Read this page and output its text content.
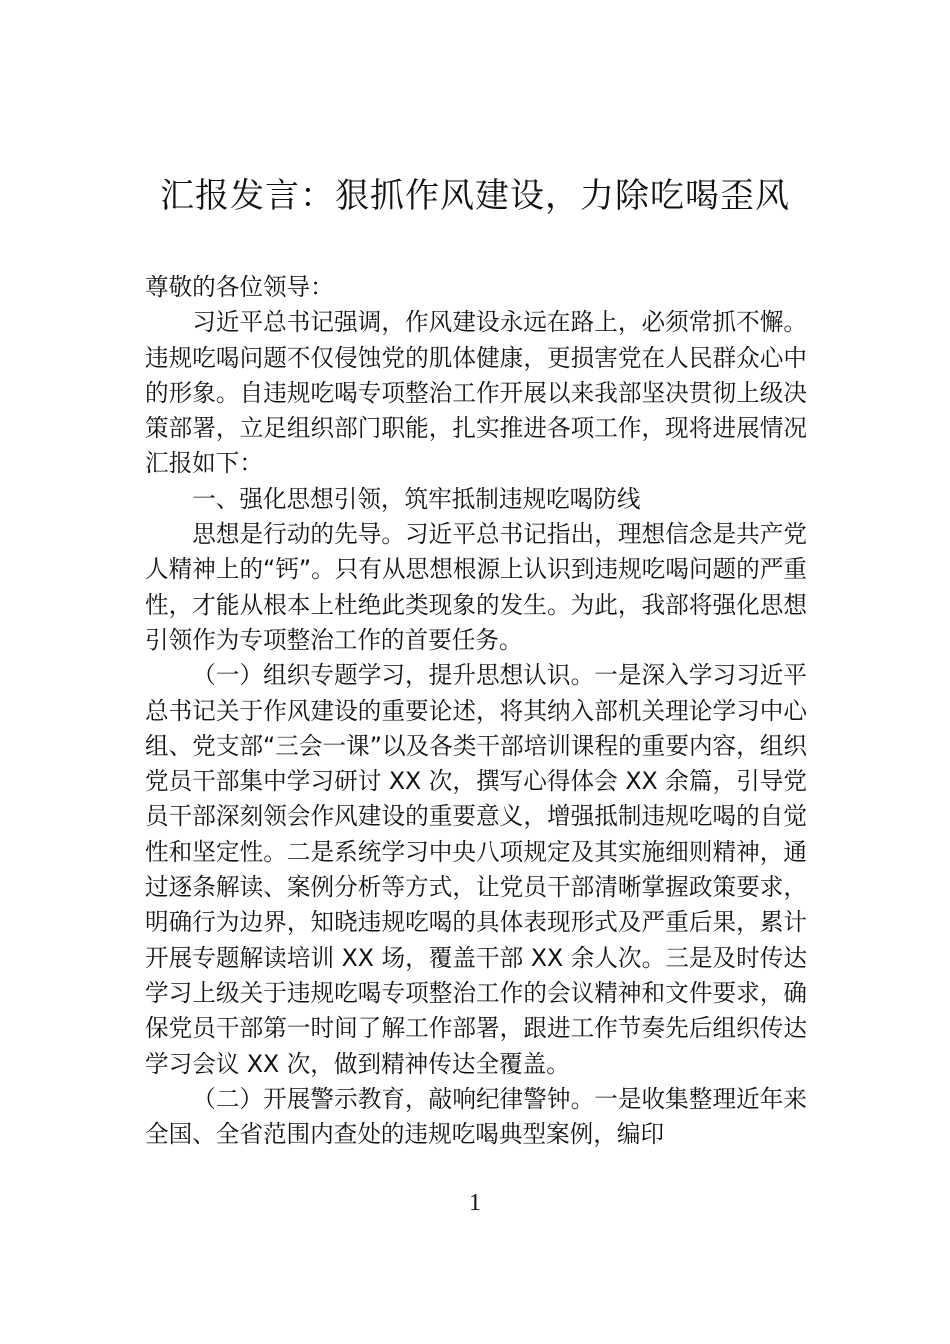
汇报发言：狠抓作风建设，力除吃喝歪风

尊敬的各位领导：

习近平总书记强调，作风建设永远在路上，必须常抓不懈。违规吃喝问题不仅侵蚀党的肌体健康，更损害党在人民群众心中的形象。自违规吃喝专项整治工作开展以来我部坚决贯彻上级决策部署，立足组织部门职能，扎实推进各项工作，现将进展情况汇报如下：

一、强化思想引领，筑牢抵制违规吃喝防线

思想是行动的先导。习近平总书记指出，理想信念是共产党人精神上的“钙”。只有从思想根源上认识到违规吃喝问题的严重性，才能从根本上杜绝此类现象的发生。为此，我部将强化思想引领作为专项整治工作的首要任务。

（一）组织专题学习，提升思想认识。一是深入学习习近平总书记关于作风建设的重要论述，将其纳入部机关理论学习中心组、党支部“三会一课”以及各类干部培训课程的重要内容，组织党员干部集中学习研讨 XX 次，撰写心得体会 XX 余篇，引导党员干部深刻领会作风建设的重要意义，增强抵制违规吃喝的自觉性和坚定性。二是系统学习中央八项规定及其实施细则精神，通过逐条解读、案例分析等方式，让党员干部清晰掌握政策要求，明确行为边界，知晓违规吃喝的具体表现形式及严重后果，累计开展专题解读培训 XX 场，覆盖干部 XX 余人次。三是及时传达学习上级关于违规吃喝专项整治工作的会议精神和文件要求，确保党员干部第一时间了解工作部署，跟进工作节奏先后组织传达学习会议 XX 次，做到精神传达全覆盖。

（二）开展警示教育，敲响纪律警钟。一是收集整理近年来全国、全省范围内查处的违规吃喝典型案例，编印

1
